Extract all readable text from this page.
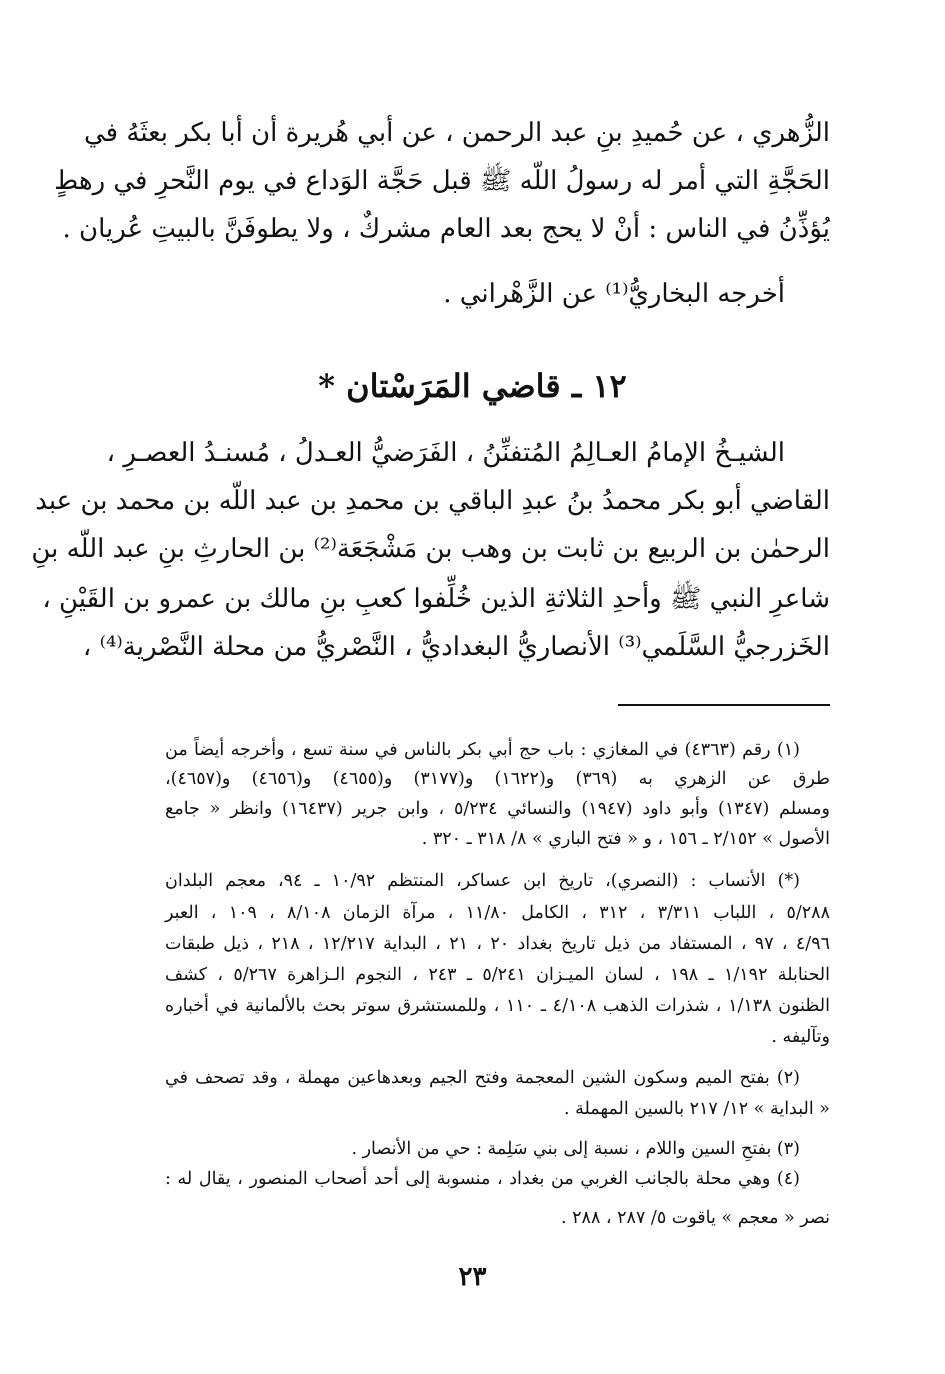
الزُّهري ، عن حُميدِ بنِ عبد الرحمن ، عن أبي هُريرة أن أبا بكر بعثَهُ في
الحَجَّةِ التي أمر له رسولُ اللّه ﷺ قبل حَجَّة الوَداع في يوم النَّحرِ في رهطٍ
يُؤذِّنُ في الناس : أنْ لا يحج بعد العام مشركٌ ، ولا يطوفَنَّ بالبيتِ عُريان .
أخرجه البخاريُّ⁽¹⁾ عن الزَّهْراني .
١٢ ـ قاضي المَرَسْتان *
الشيـخُ الإمامُ العـالِمُ المُتفنِّنُ ، الفَرَضيُّ العـدلُ ، مُسنـدُ العصـرِ ،
القاضي أبو بكر محمدُ بنُ عبدِ الباقي بن محمدِ بن عبد اللّه بن محمد بن عبد
الرحمٰن بن الربيع بن ثابت بن وهب بن مَشْجَعَة⁽²⁾ بن الحارثِ بنِ عبد اللّه بنِ
شاعرِ النبي ﷺ وأحدِ الثلاثةِ الذين خُلِّفوا كعبِ بنِ مالك بن عمرو بن القَيْنِ ،
الخَزرجيُّ السَّلَمي⁽³⁾ الأنصاريُّ البغداديُّ ، النَّصْريُّ من محلة النَّصْرية⁽⁴⁾ ،
(١) رقم (٤٣٦٣) في المغازي : باب حج أبي بكر بالناس في سنة تسع ، وأخرجه أيضاً من
طرق عن الزهري به (٣٦٩) و(١٦٢٢) و(٣١٧٧) و(٤٦٥٥) و(٤٦٥٦) و(٤٦٥٧)،
ومسلم (١٣٤٧) وأبو داود (١٩٤٧) والنسائي ٥/٢٣٤ ، وابن جرير (١٦٤٣٧) وانظر « جامع
الأصول » ٢/١٥٢ ـ ١٥٦ ، و « فتح الباري » ٨/ ٣١٨ ـ ٣٢٠ .
(*) الأنساب : (النصري)، تاريخ ابن عساكر، المنتظم ١٠/٩٢ ـ ٩٤، معجم البلدان
٥/٢٨٨ ، اللباب ٣/٣١١ ، ٣١٢ ، الكامل ١١/٨٠ ، مرآة الزمان ٨/١٠٨ ، ١٠٩ ، العبر
٤/٩٦ ، ٩٧ ، المستفاد من ذيل تاريخ بغداد ٢٠ ، ٢١ ، البداية ١٢/٢١٧ ، ٢١٨ ، ذيل طبقات
الحنابلة ١/١٩٢ ـ ١٩٨ ، لسان الميـزان ٥/٢٤١ ـ ٢٤٣ ، النجوم الـزاهرة ٥/٢٦٧ ، كشف
الظنون ١/١٣٨ ، شذرات الذهب ٤/١٠٨ ـ ١١٠ ، وللمستشرق سوتر بحث بالألمانية في أخباره
وتآليفه .
(٢) بفتح الميم وسكون الشين المعجمة وفتح الجيم وبعدهاعين مهملة ، وقد تصحف في
« البداية » ١٢/ ٢١٧ بالسين المهملة .
(٣) بفتحِ السين واللام ، نسبة إلى بني سَلِمة : حي من الأنصار .
(٤) وهي محلة بالجانب الغربي من بغداد ، منسوبة إلى أحد أصحاب المنصور ، يقال له :
نصر « معجم » ياقوت ٥/ ٢٨٧ ، ٢٨٨ .
٢٣
